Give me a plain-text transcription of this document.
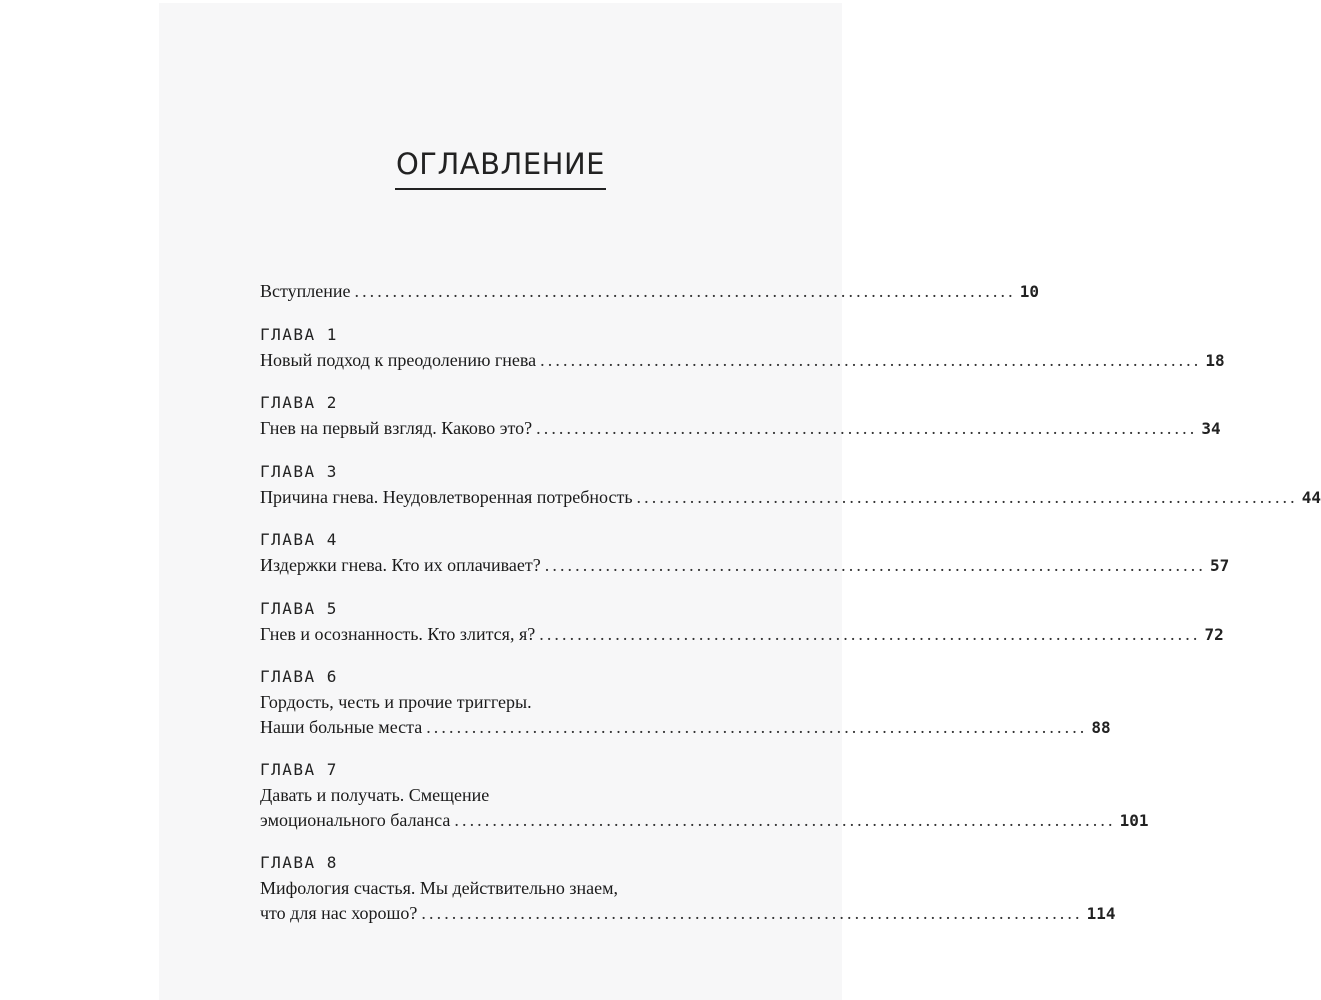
ОГЛАВЛЕНИЕ
Вступление ....................................................................................... 10
ГЛАВА 1
Новый подход к преодолению гнева ....................................................................................... 18
ГЛАВА 2
Гнев на первый взгляд. Каково это? ....................................................................................... 34
ГЛАВА 3
Причина гнева. Неудовлетворенная потребность ....................................................................................... 44
ГЛАВА 4
Издержки гнева. Кто их оплачивает? ....................................................................................... 57
ГЛАВА 5
Гнев и осознанность. Кто злится, я? ....................................................................................... 72
ГЛАВА 6
Гордость, честь и прочие триггеры.
Наши больные места ....................................................................................... 88
ГЛАВА 7
Давать и получать. Смещение
эмоционального баланса ....................................................................................... 101
ГЛАВА 8
Мифология счастья. Мы действительно знаем,
что для нас хорошо? ....................................................................................... 114
